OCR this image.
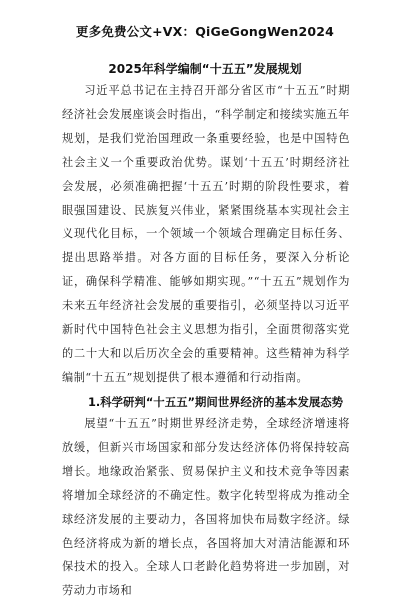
更多免费公文+VX：QiGeGongWen2024
2025年科学编制“十五五”发展规划

习近平总书记在主持召开部分省区市“十五五”时期经济社会发展座谈会时指出，“科学制定和接续实施五年规划，是我们党治国理政一条重要经验，也是中国特色社会主义一个重要政治优势。谋划‘十五五’时期经济社会发展，必须准确把握‘十五五’时期的阶段性要求，着眼强国建设、民族复兴伟业，紧紧围绕基本实现社会主义现代化目标，一个领域一个领域合理确定目标任务、提出思路举措。对各方面的目标任务，要深入分析论证，确保科学精准、能够如期实现。”“十五五”规划作为未来五年经济社会发展的重要指引，必须坚持以习近平新时代中国特色社会主义思想为指引，全面贯彻落实党的二十大和以后历次全会的重要精神。这些精神为科学编制“十五五”规划提供了根本遵循和行动指南。

1.科学研判“十五五”期间世界经济的基本发展态势

展望“十五五”时期世界经济走势，全球经济增速将放缓，但新兴市场国家和部分发达经济体仍将保持较高增长。地缘政治紧张、贸易保护主义和技术竞争等因素将增加全球经济的不确定性。数字化转型将成为推动全球经济发展的主要动力，各国将加快布局数字经济。绿色经济将成为新的增长点，各国将加大对清洁能源和环保技术的投入。全球人口老龄化趋势将进一步加剧，对劳动力市场和
